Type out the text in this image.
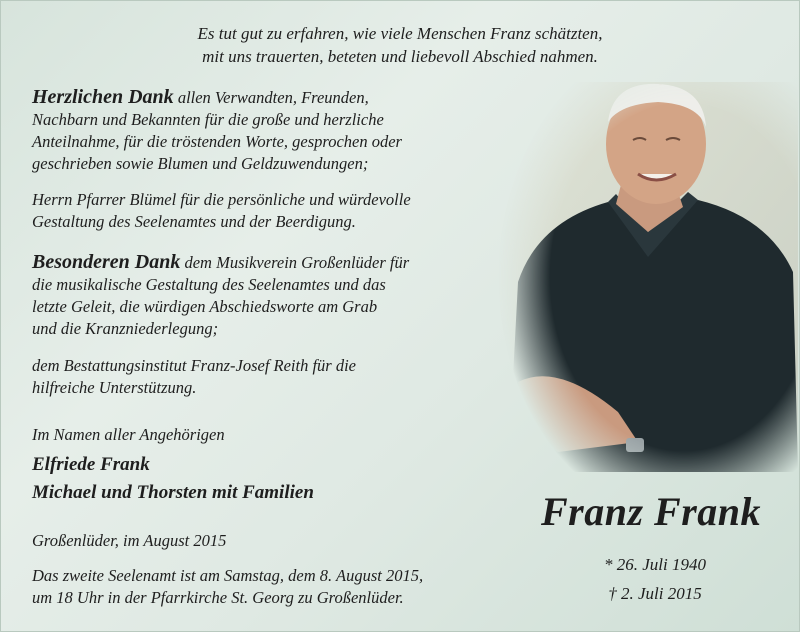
Es tut gut zu erfahren, wie viele Menschen Franz schätzten,
mit uns trauerten, beteten und liebevoll Abschied nahmen.
Herzlichen Dank allen Verwandten, Freunden,
Nachbarn und Bekannten für die große und herzliche
Anteilnahme, für die tröstenden Worte, gesprochen oder
geschrieben sowie Blumen und Geldzuwendungen;
Herrn Pfarrer Blümel für die persönliche und würdevolle
Gestaltung des Seelenamtes und der Beerdigung.
Besonderen Dank dem Musikverein Großenlüder für
die musikalische Gestaltung des Seelenamtes und das
letzte Geleit, die würdigen Abschiedsworte am Grab
und die Kranzniederlegung;
dem Bestattungsinstitut Franz-Josef Reith für die
hilfreiche Unterstützung.
Im Namen aller Angehörigen
Elfriede Frank
Michael und Thorsten mit Familien
Großenlüder, im August 2015
Das zweite Seelenamt ist am Samstag, dem 8. August 2015,
um 18 Uhr in der Pfarrkirche St. Georg zu Großenlüder.
Franz Frank
* 26. Juli 1940
† 2. Juli 2015
